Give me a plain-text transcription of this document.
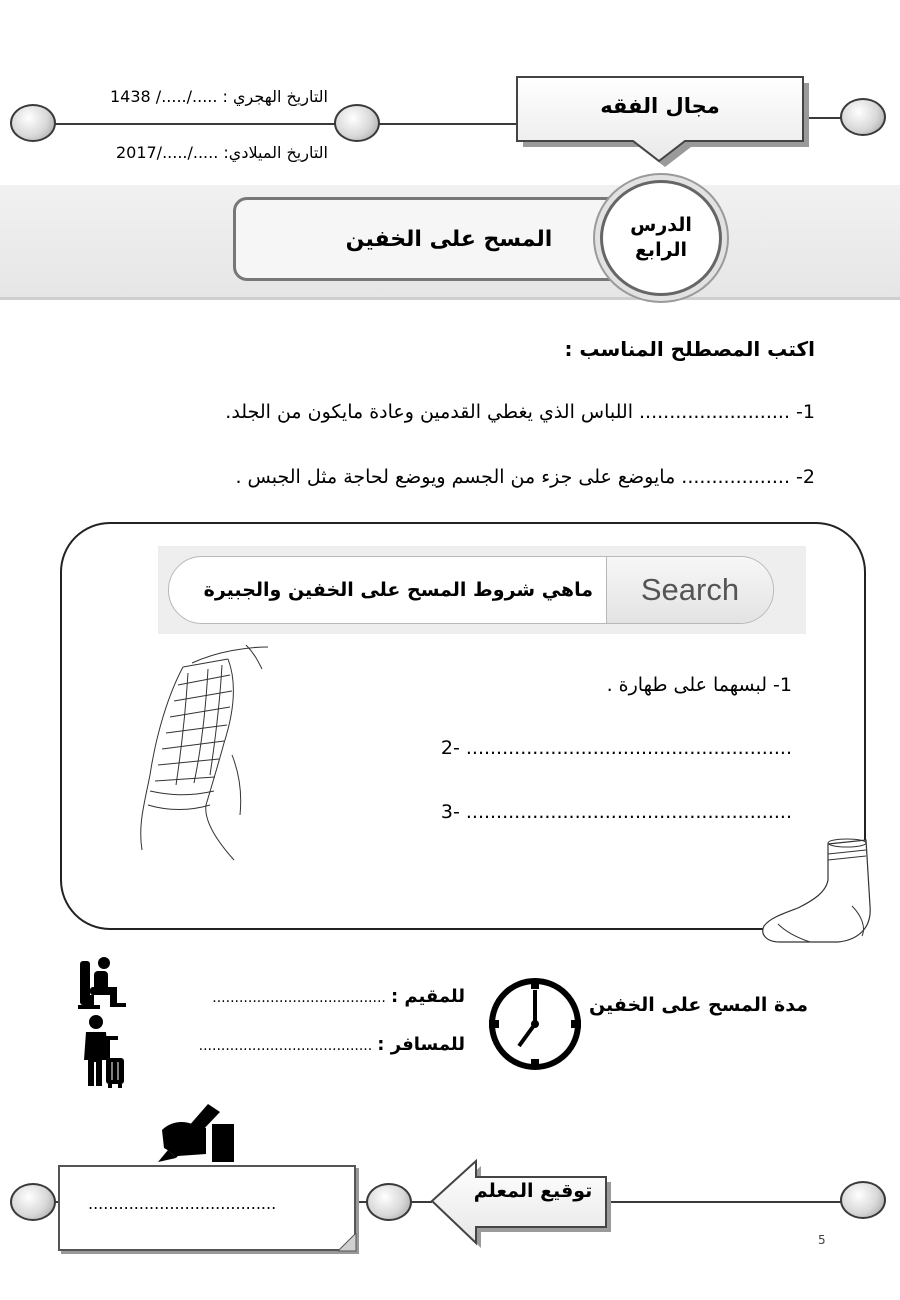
التاريخ الهجري : ...../...../ 1438
التاريخ الميلادي: ...../...../2017
مجال الفقه
المسح على الخفين
الدرس
الرابع
اكتب المصطلح المناسب :
1- ......................... اللباس الذي يغطي القدمين وعادة مايكون من الجلد.
2- .................. مايوضع على جزء من الجسم ويوضع لحاجة مثل الجبس .
Search
ماهي شروط المسح على الخفين والجبيرة
1- لبسهما على طهارة .
2- ......................................................
3- ......................................................
مدة المسح على الخفين
للمقيم : .......................................
للمسافر : .......................................
توقيع المعلم
.....................................
5
